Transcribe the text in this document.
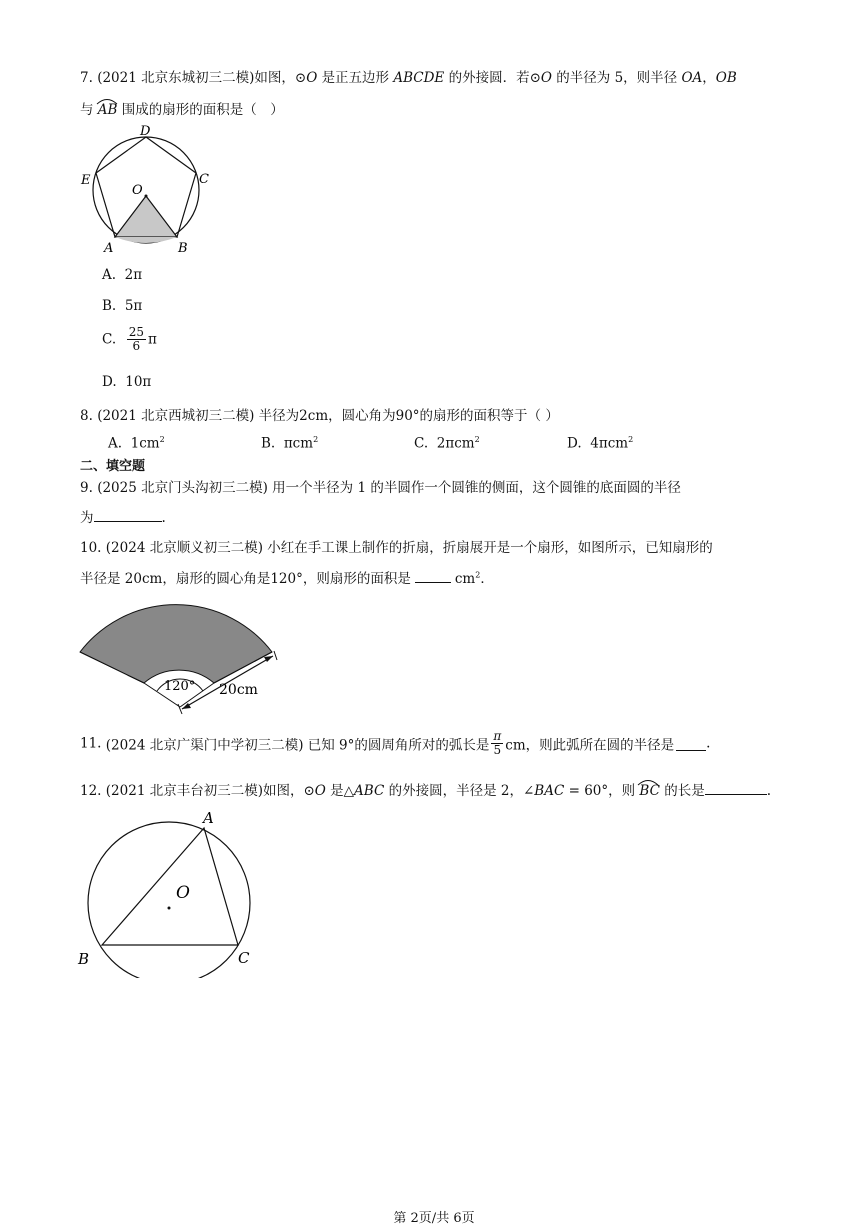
7. (2021 北京东城初三二模)如图，⊙O 是正五边形 ABCDE 的外接圆．若⊙O 的半径为 5，则半径 OA，OB
与 AB 围成的扇形的面积是（　）
D
E	C
O
A	B
A. 2π
B. 5π
C. $\frac{25}{6}$ π
D. 10π
8. (2021 北京西城初三二模) 半径为2cm，圆心角为90°的扇形的面积等于（ ）
A. $1cm^2$	B. πcm$^2$	C. 2πcm$^2$	D. 4πcm$^2$
二、填空题
9. (2025 北京门头沟初三二模) 用一个半径为 1 的半圆作一个圆锥的侧面，这个圆锥的底面圆的半径
为	.
10. (2024 北京顺义初三二模) 小红在手工课上制作的折扇，折扇展开是一个扇形，如图所示，已知扇形的
半径是 20cm，扇形的圆心角是120°，则扇形的面积是	$cm^2$．
120° 20cm
11. (2024 北京广渠门中学初三二模) 已知 9°的圆周角所对的弧长是 $\frac{\pi}{5}$ cm，则此弧所在圆的半径是 .
12. (2021 北京丰台初三二模)如图，⊙O 是△ABC 的外接圆，半径是 2，∠BAC = 60°，则 BC 的长是	.
A
O
B	C
第 2页/共 6页
